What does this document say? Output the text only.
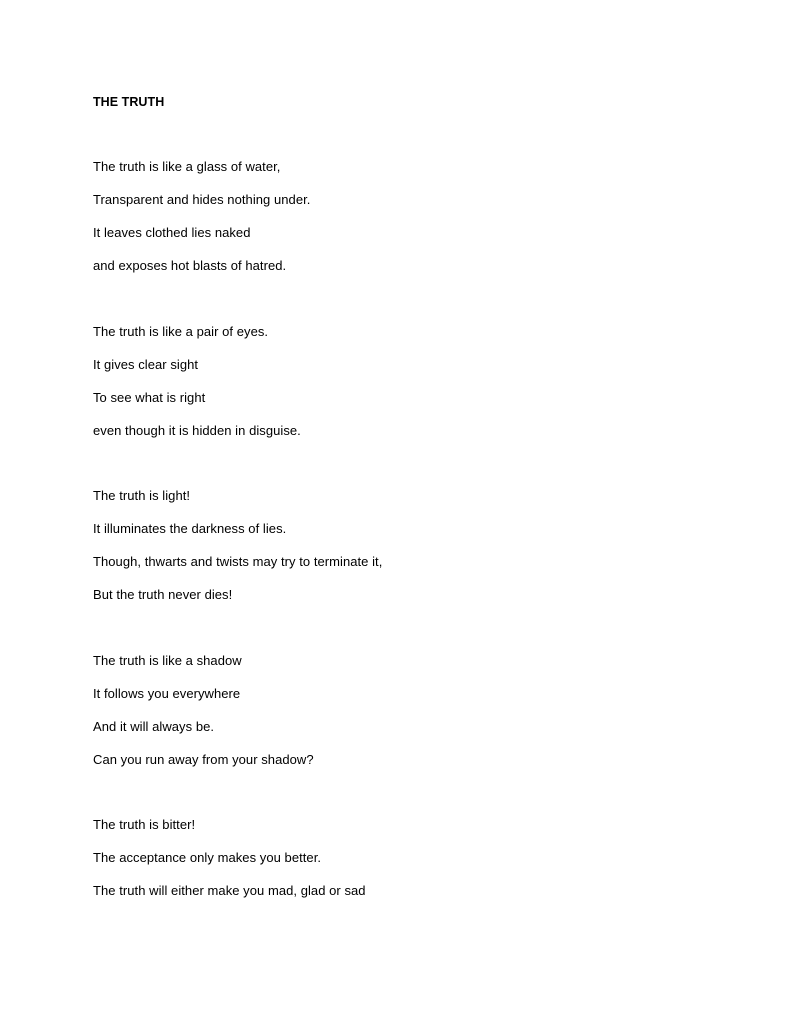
THE TRUTH
The truth is like a glass of water,
Transparent and hides nothing under.
It leaves clothed lies naked
and exposes hot blasts of hatred.
The truth is like a pair of eyes.
It gives clear sight
To see what is right
even though it is hidden in disguise.
The truth is light!
It illuminates the darkness of lies.
Though, thwarts and twists may try to terminate it,
But the truth never dies!
The truth is like a shadow
It follows you everywhere
And it will always be.
Can you run away from your shadow?
The truth is bitter!
The acceptance only makes you better.
The truth will either make you mad, glad or sad
